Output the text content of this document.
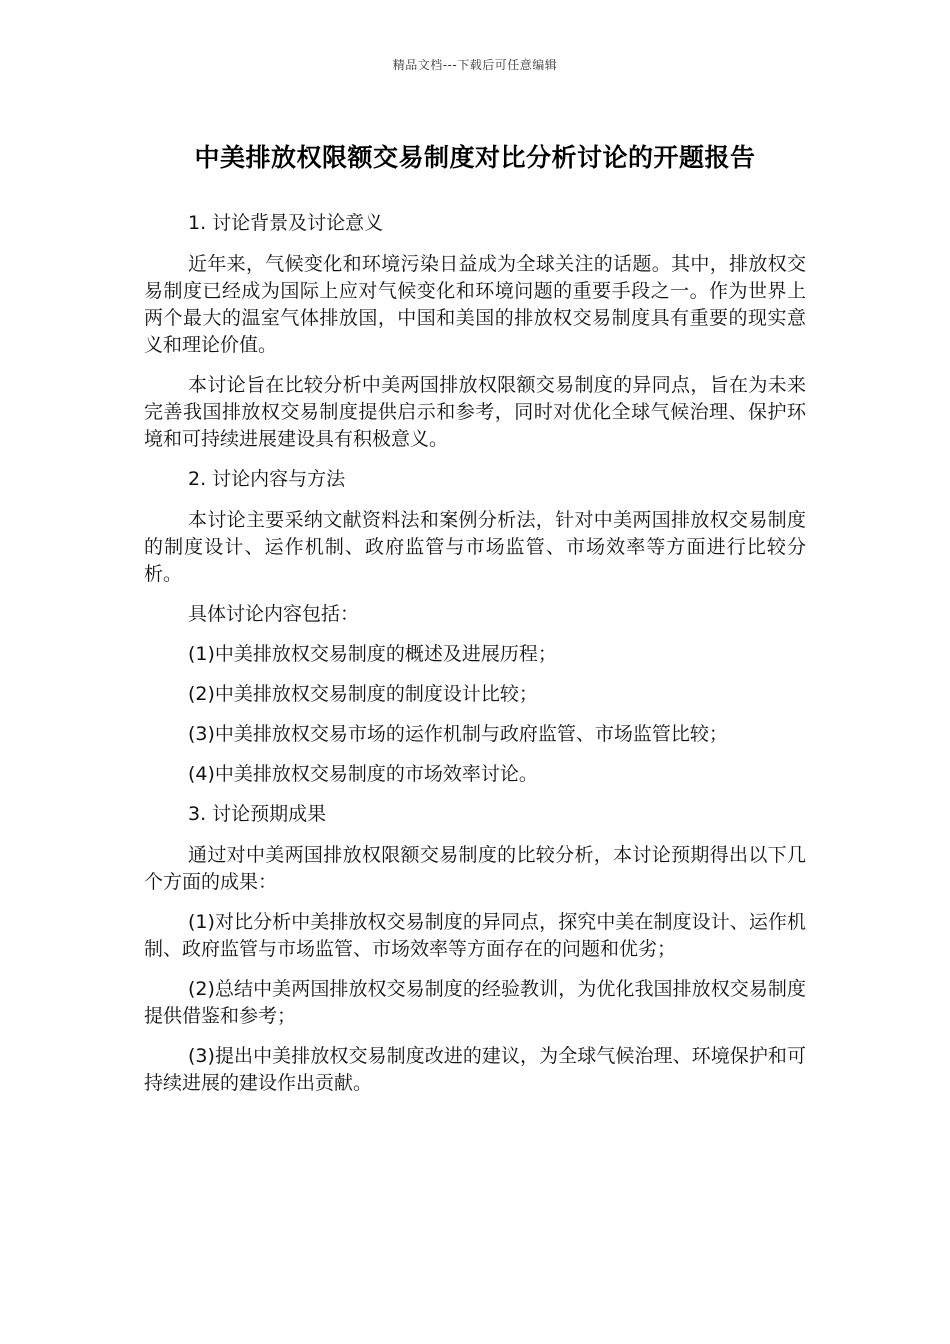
精品文档---下载后可任意编辑
中美排放权限额交易制度对比分析讨论的开题报告

1. 讨论背景及讨论意义

近年来，气候变化和环境污染日益成为全球关注的话题。其中，排放权交易制度已经成为国际上应对气候变化和环境问题的重要手段之一。作为世界上两个最大的温室气体排放国，中国和美国的排放权交易制度具有重要的现实意义和理论价值。

本讨论旨在比较分析中美两国排放权限额交易制度的异同点，旨在为未来完善我国排放权交易制度提供启示和参考，同时对优化全球气候治理、保护环境和可持续进展建设具有积极意义。

2. 讨论内容与方法

本讨论主要采纳文献资料法和案例分析法，针对中美两国排放权交易制度的制度设计、运作机制、政府监管与市场监管、市场效率等方面进行比较分析。

具体讨论内容包括：

(1)中美排放权交易制度的概述及进展历程；

(2)中美排放权交易制度的制度设计比较；

(3)中美排放权交易市场的运作机制与政府监管、市场监管比较；

(4)中美排放权交易制度的市场效率讨论。

3. 讨论预期成果

通过对中美两国排放权限额交易制度的比较分析，本讨论预期得出以下几个方面的成果：

(1)对比分析中美排放权交易制度的异同点，探究中美在制度设计、运作机制、政府监管与市场监管、市场效率等方面存在的问题和优劣；

(2)总结中美两国排放权交易制度的经验教训，为优化我国排放权交易制度提供借鉴和参考；

(3)提出中美排放权交易制度改进的建议，为全球气候治理、环境保护和可持续进展的建设作出贡献。
